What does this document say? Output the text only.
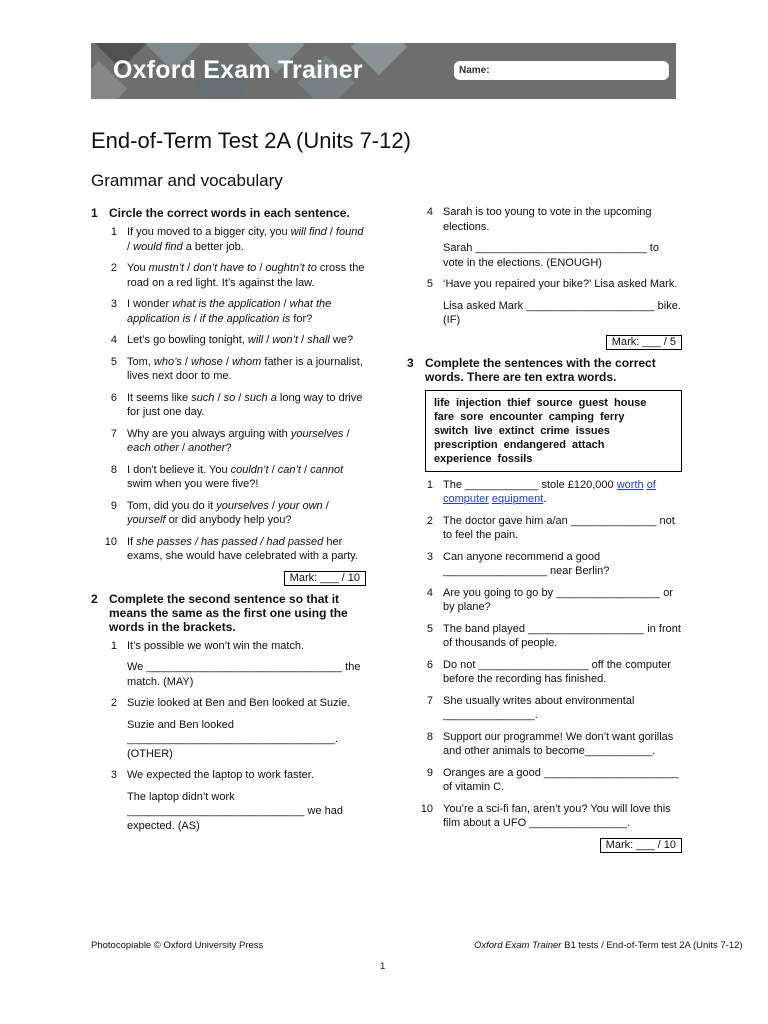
Oxford Exam Trainer	Name:
End-of-Term Test 2A (Units 7-12)
Grammar and vocabulary
1 Circle the correct words in each sentence.
1 If you moved to a bigger city, you will find / found / would find a better job.
2 You mustn’t / don’t have to / oughtn’t to cross the road on a red light. It’s against the law.
3 I wonder what is the application / what the application is / if the application is for?
4 Let’s go bowling tonight, will / won’t / shall we?
5 Tom, who’s / whose / whom father is a journalist, lives next door to me.
6 It seems like such / so / such a long way to drive for just one day.
7 Why are you always arguing with yourselves / each other / another?
8 I don't believe it. You couldn’t / can’t / cannot swim when you were five?!
9 Tom, did you do it yourselves / your own / yourself or did anybody help you?
10 If she passes / has passed / had passed her exams, she would have celebrated with a party.
Mark: ___ / 10
2 Complete the second sentence so that it means the same as the first one using the words in the brackets.
1 It’s possible we won’t win the match.
We ________________________________ the match. (MAY)
2 Suzie looked at Ben and Ben looked at Suzie.
Suzie and Ben looked __________________________________. (OTHER)
3 We expected the laptop to work faster.
The laptop didn’t work _____________________________ we had expected. (AS)
4 Sarah is too young to vote in the upcoming elections.
Sarah ____________________________ to vote in the elections. (ENOUGH)
5 ‘Have you repaired your bike?’ Lisa asked Mark.
Lisa asked Mark _____________________ bike. (IF)
Mark: ___ / 5
3 Complete the sentences with the correct words. There are ten extra words.
life injection thief source guest house
fare sore encounter camping ferry
switch live extinct crime issues
prescription endangered attach
experience fossils
1 The ____________ stole £120,000 worth of computer equipment.
2 The doctor gave him a/an ______________ not to feel the pain.
3 Can anyone recommend a good _________________ near Berlin?
4 Are you going to go by _________________ or by plane?
5 The band played ___________________ in front of thousands of people.
6 Do not __________________ off the computer before the recording has finished.
7 She usually writes about environmental _______________.
8 Support our programme! We don’t want gorillas and other animals to become___________.
9 Oranges are a good ______________________ of vitamin C.
10 You’re a sci-fi fan, aren’t you? You will love this film about a UFO ________________.
Mark: ___ / 10
Photocopiable © Oxford University Press	Oxford Exam Trainer B1 tests / End-of-Term test 2A (Units 7-12)
1
